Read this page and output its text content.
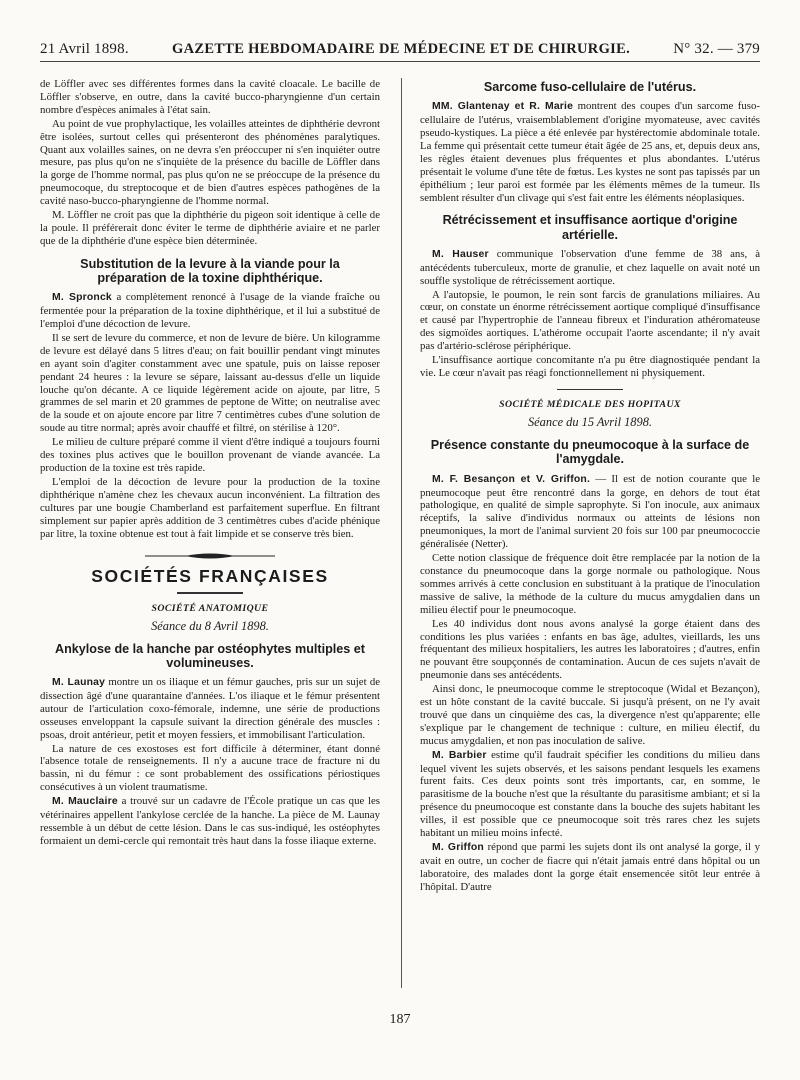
21 Avril 1898.	GAZETTE HEBDOMADAIRE DE MÉDECINE ET DE CHIRURGIE.	N° 32. — 379

de Löffler avec ses différentes formes dans la cavité cloacale. Le bacille de Löffler s'observe, en outre, dans la cavité bucco-pharyngienne d'un certain nombre d'espèces animales à l'état sain.

Au point de vue prophylactique, les volailles atteintes de diphthérie devront être isolées, surtout celles qui présenteront des phénomènes paralytiques. Quant aux volailles saines, on ne devra s'en préoccuper ni s'en inquiéter outre mesure, pas plus qu'on ne s'inquiète de la présence du bacille de Löffler dans la gorge de l'homme normal, pas plus qu'on ne se préoccupe de la présence du pneumocoque, du streptocoque et de bien d'autres espèces pathogènes de la cavité naso-bucco-pharyngienne de l'homme normal.

M. Löffler ne croit pas que la diphthérie du pigeon soit identique à celle de la poule. Il préférerait donc éviter le terme de diphthérie aviaire et ne parler que de la diphthérie d'une espèce bien déterminée.

Substitution de la levure à la viande pour la préparation de la toxine diphthérique.

M. Spronck a complètement renoncé à l'usage de la viande fraîche ou fermentée pour la préparation de la toxine diphthérique, et il lui a substitué de l'emploi d'une décoction de levure.

Il se sert de levure du commerce, et non de levure de bière. Un kilogramme de levure est délayé dans 5 litres d'eau; on fait bouillir pendant vingt minutes en ayant soin d'agiter constamment avec une spatule, puis on laisse reposer pendant 24 heures : la levure se sépare, laissant au-dessus d'elle un liquide louche qu'on décante. A ce liquide légèrement acide on ajoute, par litre, 5 grammes de sel marin et 20 grammes de peptone de Witte; on neutralise avec de la soude et on ajoute encore par litre 7 centimètres cubes d'une solution de soude au titre normal; après avoir chauffé et filtré, on stérilise à 120°.

Le milieu de culture préparé comme il vient d'être indiqué a toujours fourni des toxines plus actives que le bouillon provenant de viande avancée. La production de la toxine est très rapide.

L'emploi de la décoction de levure pour la production de la toxine diphthérique n'amène chez les chevaux aucun inconvénient. La filtration des cultures par une bougie Chamberland est parfaitement superflue. En filtrant simplement sur papier après addition de 3 centimètres cubes d'acide phénique par litre, la toxine obtenue est tout à fait limpide et se conserve très bien.

SOCIÉTÉS FRANÇAISES
SOCIÉTÉ ANATOMIQUE
Séance du 8 Avril 1898.
Ankylose de la hanche par ostéophytes multiples et volumineuses.

M. Launay montre un os iliaque et un fémur gauches, pris sur un sujet de dissection âgé d'une quarantaine d'années. L'os iliaque et le fémur présentent autour de l'articulation coxo-fémorale, indemne, une série de productions osseuses enveloppant la capsule suivant la direction générale des muscles : psoas, droit antérieur, petit et moyen fessiers, et immobilisant l'articulation.

La nature de ces exostoses est fort difficile à déterminer, étant donné l'absence totale de renseignements. Il n'y a aucune trace de fracture ni du bassin, ni du fémur : ce sont probablement des ossifications périostiques consécutives à un violent traumatisme.

M. Mauclaire a trouvé sur un cadavre de l'École pratique un cas que les vétérinaires appellent l'ankylose cerclée de la hanche. La pièce de M. Launay ressemble à un début de cette lésion. Dans le cas sus-indiqué, les ostéophytes formaient un demi-cercle qui remontait très haut dans la fosse iliaque externe.

Sarcome fuso-cellulaire de l'utérus.

MM. Glantenay et R. Marie montrent des coupes d'un sarcome fuso-cellulaire de l'utérus, vraisemblablement d'origine myomateuse, avec cavités pseudo-kystiques. La pièce a été enlevée par hystérectomie abdominale totale. La femme qui présentait cette tumeur était âgée de 25 ans, et, depuis deux ans, les règles étaient devenues plus fréquentes et plus abondantes. L'utérus présentait le volume d'une tête de fœtus. Les kystes ne sont pas tapissés par un épithélium ; leur paroi est formée par les éléments mêmes de la tumeur. Ils semblent résulter d'un clivage qui s'est fait entre les éléments néoplasiques.

Rétrécissement et insuffisance aortique d'origine artérielle.

M. Hauser communique l'observation d'une femme de 38 ans, à antécédents tuberculeux, morte de granulie, et chez laquelle on avait noté un souffle systolique de rétrécissement aortique.

A l'autopsie, le poumon, le rein sont farcis de granulations miliaires. Au cœur, on constate un énorme rétrécissement aortique compliqué d'insuffisance et causé par l'hypertrophie de l'anneau fibreux et l'induration athéromateuse des sigmoïdes aortiques. L'athérome occupait l'aorte ascendante; il n'y avait pas d'artério-sclérose périphérique.

L'insuffisance aortique concomitante n'a pu être diagnostiquée pendant la vie. Le cœur n'avait pas réagi fonctionnellement ni physiquement.

SOCIÉTÉ MÉDICALE DES HOPITAUX
Séance du 15 Avril 1898.
Présence constante du pneumocoque à la surface de l'amygdale.

M. F. Besançon et V. Griffon. — Il est de notion courante que le pneumocoque peut être rencontré dans la gorge, en dehors de tout état pathologique, en qualité de simple saprophyte. Si l'on inocule, aux animaux réceptifs, la salive d'individus normaux ou atteints de lésions non pneumoniques, la mort de l'animal survient 20 fois sur 100 par pneumococcie généralisée (Netter).

Cette notion classique de fréquence doit être remplacée par la notion de la constance du pneumocoque dans la gorge normale ou pathologique. Nous sommes arrivés à cette conclusion en substituant à la pratique de l'inoculation massive de salive, la méthode de la culture du mucus amygdalien dans un milieu électif pour le pneumocoque.

Les 40 individus dont nous avons analysé la gorge étaient dans des conditions les plus variées : enfants en bas âge, adultes, vieillards, les uns fréquentant des milieux hospitaliers, les autres les laboratoires ; d'autres, enfin ne pouvant être soupçonnés de contamination. Aucun de ces sujets n'avait de pneumonie dans ses antécédents.

Ainsi donc, le pneumocoque comme le streptocoque (Widal et Bezançon), est un hôte constant de la cavité buccale. Si jusqu'à présent, on ne l'y avait trouvé que dans un cinquième des cas, la divergence n'est qu'apparente; elle s'explique par le changement de technique : culture, en milieu électif, du mucus amygdalien, et non pas inoculation de salive.

M. Barbier estime qu'il faudrait spécifier les conditions du milieu dans lequel vivent les sujets observés, et les saisons pendant lesquels les examens furent faits. Ces deux points sont très importants, car, en somme, le parasitisme de la bouche n'est que la résultante du parasitisme ambiant; et si la présence du pneumocoque est constante dans la bouche des sujets habitant les villes, il est possible que ce pneumocoque soit très rares chez les sujets habitant un milieu moins infecté.

M. Griffon répond que parmi les sujets dont ils ont analysé la gorge, il y avait en outre, un cocher de fiacre qui n'était jamais entré dans hôpital ou un laboratoire, des malades dont la gorge était ensemencée sitôt leur entrée à l'hôpital. D'autre

187
